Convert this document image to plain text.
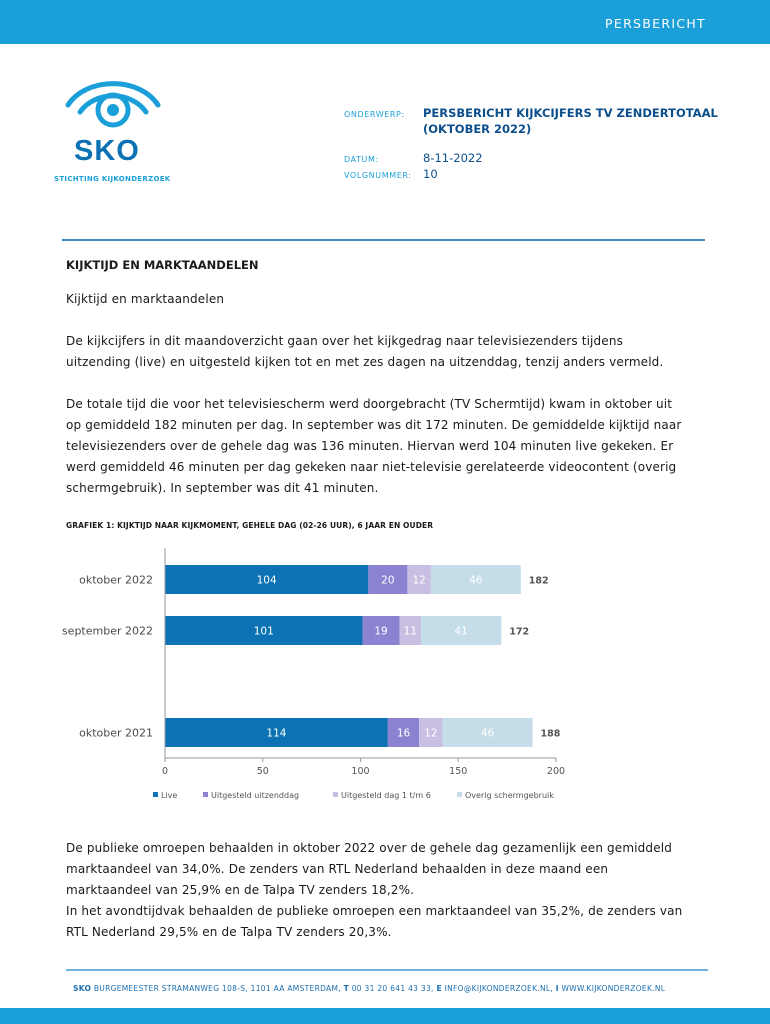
PERSBERICHT
SKO
STICHTING KIJKONDERZOEK
ONDERWERP: PERSBERICHT KIJKCIJFERS TV ZENDERTOTAAL (OKTOBER 2022)
DATUM:	8-11-2022
VOLGNUMMER: 10
KIJKTIJD EN MARKTAANDELEN

Kijktijd en marktaandelen

De kijkcijfers in dit maandoverzicht gaan over het kijkgedrag naar televisiezenders tijdens uitzending (live) en uitgesteld kijken tot en met zes dagen na uitzenddag, tenzij anders vermeld.

De totale tijd die voor het televisiescherm werd doorgebracht (TV Schermtijd) kwam in oktober uit op gemiddeld 182 minuten per dag. In september was dit 172 minuten. De gemiddelde kijktijd naar televisiezenders over de gehele dag was 136 minuten. Hiervan werd 104 minuten live gekeken. Er werd gemiddeld 46 minuten per dag gekeken naar niet-televisie gerelateerde videocontent (overig schermgebruik). In september was dit 41 minuten.

GRAFIEK 1: KIJKTIJD NAAR KIJKMOMENT, GEHELE DAG (02-26 UUR), 6 JAAR EN OUDER
oktober 2022	104	20 12	46	182
september 2022	101	19 11	41	172
oktober 2021	114	16 12	46	188
0	50	100	150	200
Live	Uitgesteld uitzenddag	Uitgesteld dag 1 t/m 6	Overig schermgebruik

De publieke omroepen behaalden in oktober 2022 over de gehele dag gezamenlijk een gemiddeld marktaandeel van 34,0%. De zenders van RTL Nederland behaalden in deze maand een marktaandeel van 25,9% en de Talpa TV zenders 18,2%.

In het avondtijdvak behaalden de publieke omroepen een marktaandeel van 35,2%, de zenders van RTL Nederland 29,5% en de Talpa TV zenders 20,3%.

SKO BURGEMEESTER STRAMANWEG 108-S, 1101 AA AMSTERDAM, T 00 31 20 641 43 33, E INFO@KIJKONDERZOEK.NL, I WWW.KIJKONDERZOEK.NL
